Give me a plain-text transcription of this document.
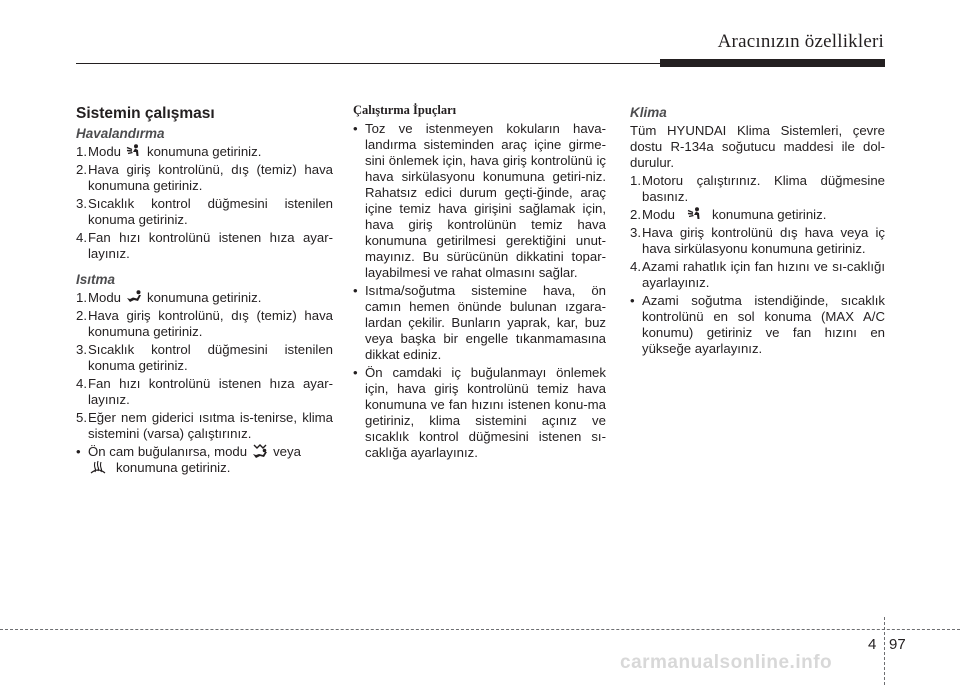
Aracınızın özellikleri
Sistemin çalışması
Havalandırma
1. Modu konumuna getiriniz.
2. Hava giriş kontrolünü, dış (temiz) hava konumuna getiriniz.
3. Sıcaklık kontrol düğmesini istenilen konuma getiriniz.
4. Fan hızı kontrolünü istenen hıza ayar-layınız.
Isıtma
1. Modu konumuna getiriniz.
2. Hava giriş kontrolünü, dış (temiz) hava konumuna getiriniz.
3. Sıcaklık kontrol düğmesini istenilen konuma getiriniz.
4. Fan hızı kontrolünü istenen hıza ayar-layınız.
5. Eğer nem giderici ısıtma is-tenirse, klima sistemini (varsa) çalıştırınız.
• Ön cam buğulanırsa, modu veya

konumuna getiriniz.
Çalıştırma İpuçları
• Toz ve istenmeyen kokuların hava-landırma sisteminden araç içine girme-sini önlemek için, hava giriş kontrolünü iç hava sirkülasyonu konumuna getiri-niz. Rahatsız edici durum geçti-ğinde, araç içine temiz hava girişini sağlamak için, hava giriş kontrolünün temiz hava konumuna getirilmesi gerektiğini unut-mayınız. Bu sürücünün dikkatini topar-layabilmesi ve rahat olmasını sağlar.
• Isıtma/soğutma sistemine hava, ön camın hemen önünde bulunan ızgara-lardan çekilir. Bunların yaprak, kar, buz veya başka bir engelle tıkanmamasına dikkat ediniz.
• Ön camdaki iç buğulanmayı önlemek için, hava giriş kontrolünü temiz hava konumuna ve fan hızını istenen konu-ma getiriniz, klima sistemini açınız ve sıcaklık kontrol düğmesini istenen sı-caklığa ayarlayınız.
Klima
Tüm HYUNDAI Klima Sistemleri, çevre dostu R-134a soğutucu maddesi ile dol-durulur.
1. Motoru çalıştırınız. Klima düğmesine basınız.
2. Modu	konumuna getiriniz.
3. Hava giriş kontrolünü dış hava veya iç hava sirkülasyonu konumuna getiriniz.
4. Azami rahatlık için fan hızını ve sı-caklığı ayarlayınız.
• Azami soğutma istendiğinde, sıcaklık kontrolünü en sol konuma (MAX A/C konumu) getiriniz ve fan hızını en yükseğe ayarlayınız.
4 97
carmanualsonline.info
